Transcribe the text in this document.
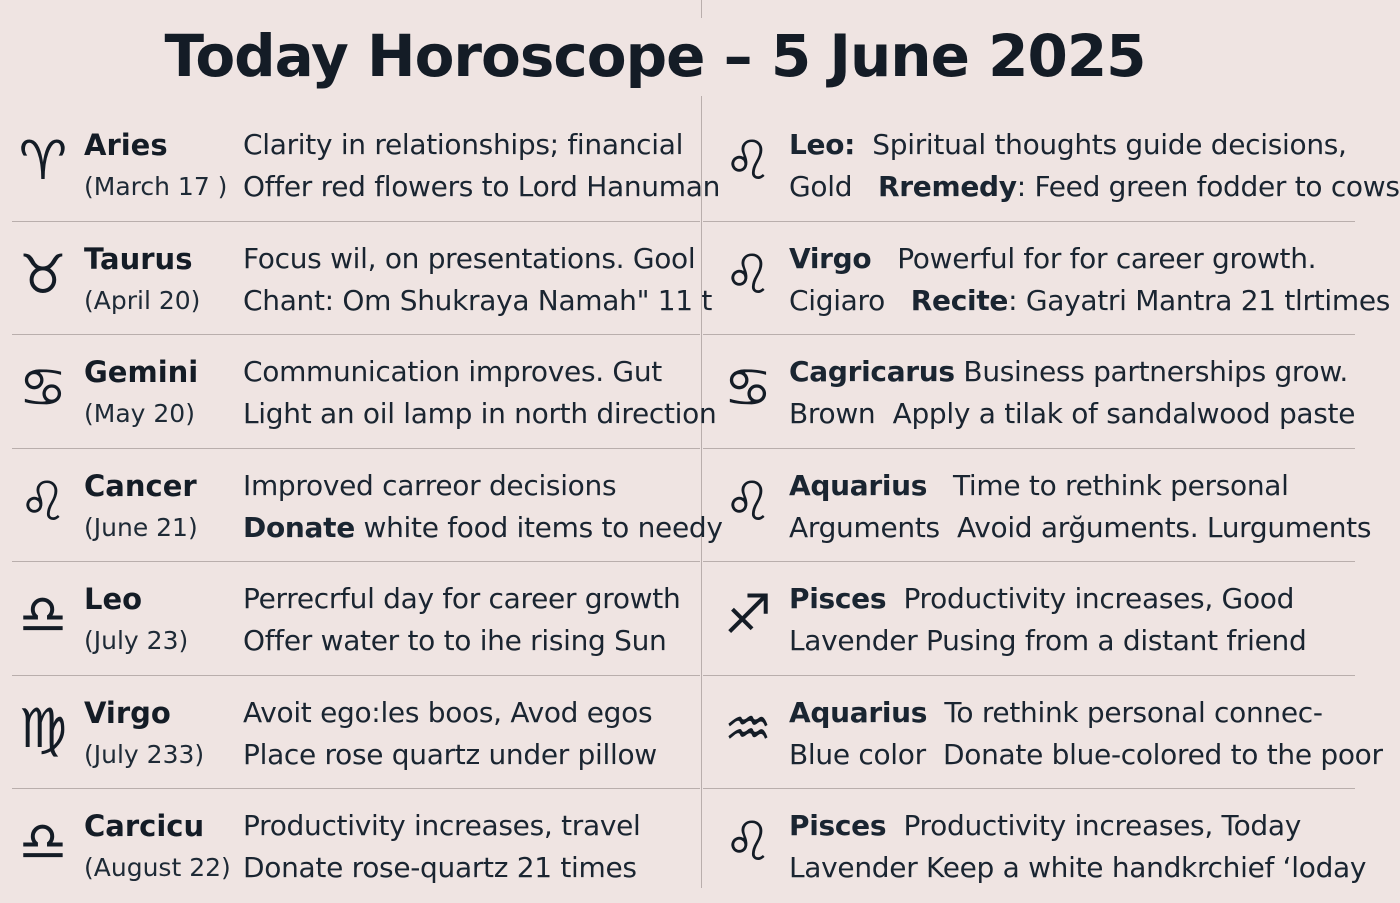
Today Horoscope – 5 June 2025
♈ Aries
(March 17 )
Clarity in relationships; financial
Offer red flowers to Lord Hanuman
♉ Taurus
(April 20)
Focus wil, on presentations. Gool
Chant: Om Shukraya Namah" 11 t
♋ Gemini
(May 20)
Communication improves. Gut
Light an oil lamp in north direction
♌ Cancer
(June 21)
Improved carreor decisions
Donate white food items to needy
♎ Leo
(July 23)
Perrecrful day for career growth
Offer water to to ihe rising Sun
♍ Virgo
(July 233)
Avoit ego:les boos, Avod egos
Place rose quartz under pillow
♎ Carcicu
(August 22)
Productivity increases, travel
Donate rose-quartz 21 times
♌ Leo: Spiritual thoughts guide decisions,
Gold Rremedy: Feed green fodder to cows
♌ Virgo Powerful for for career growth.
Cigiaro Recite: Gayatri Mantra 21 tlrtimes
♋ Cagricarus Business partnerships grow.
Brown Apply a tilak of sandalwood paste
♌ Aquarius Time to rethink personal
Arguments Avoid arğuments. Lurguments
♐ Pisces Productivity increases, Good
Lavender Pusing from a distant friend
♒ Aquarius To rethink personal connec-
Blue color Donate blue-colored to the poor
♌ Pisces Productivity increases, Today
Lavender Keep a white handkrchief ‘loday
